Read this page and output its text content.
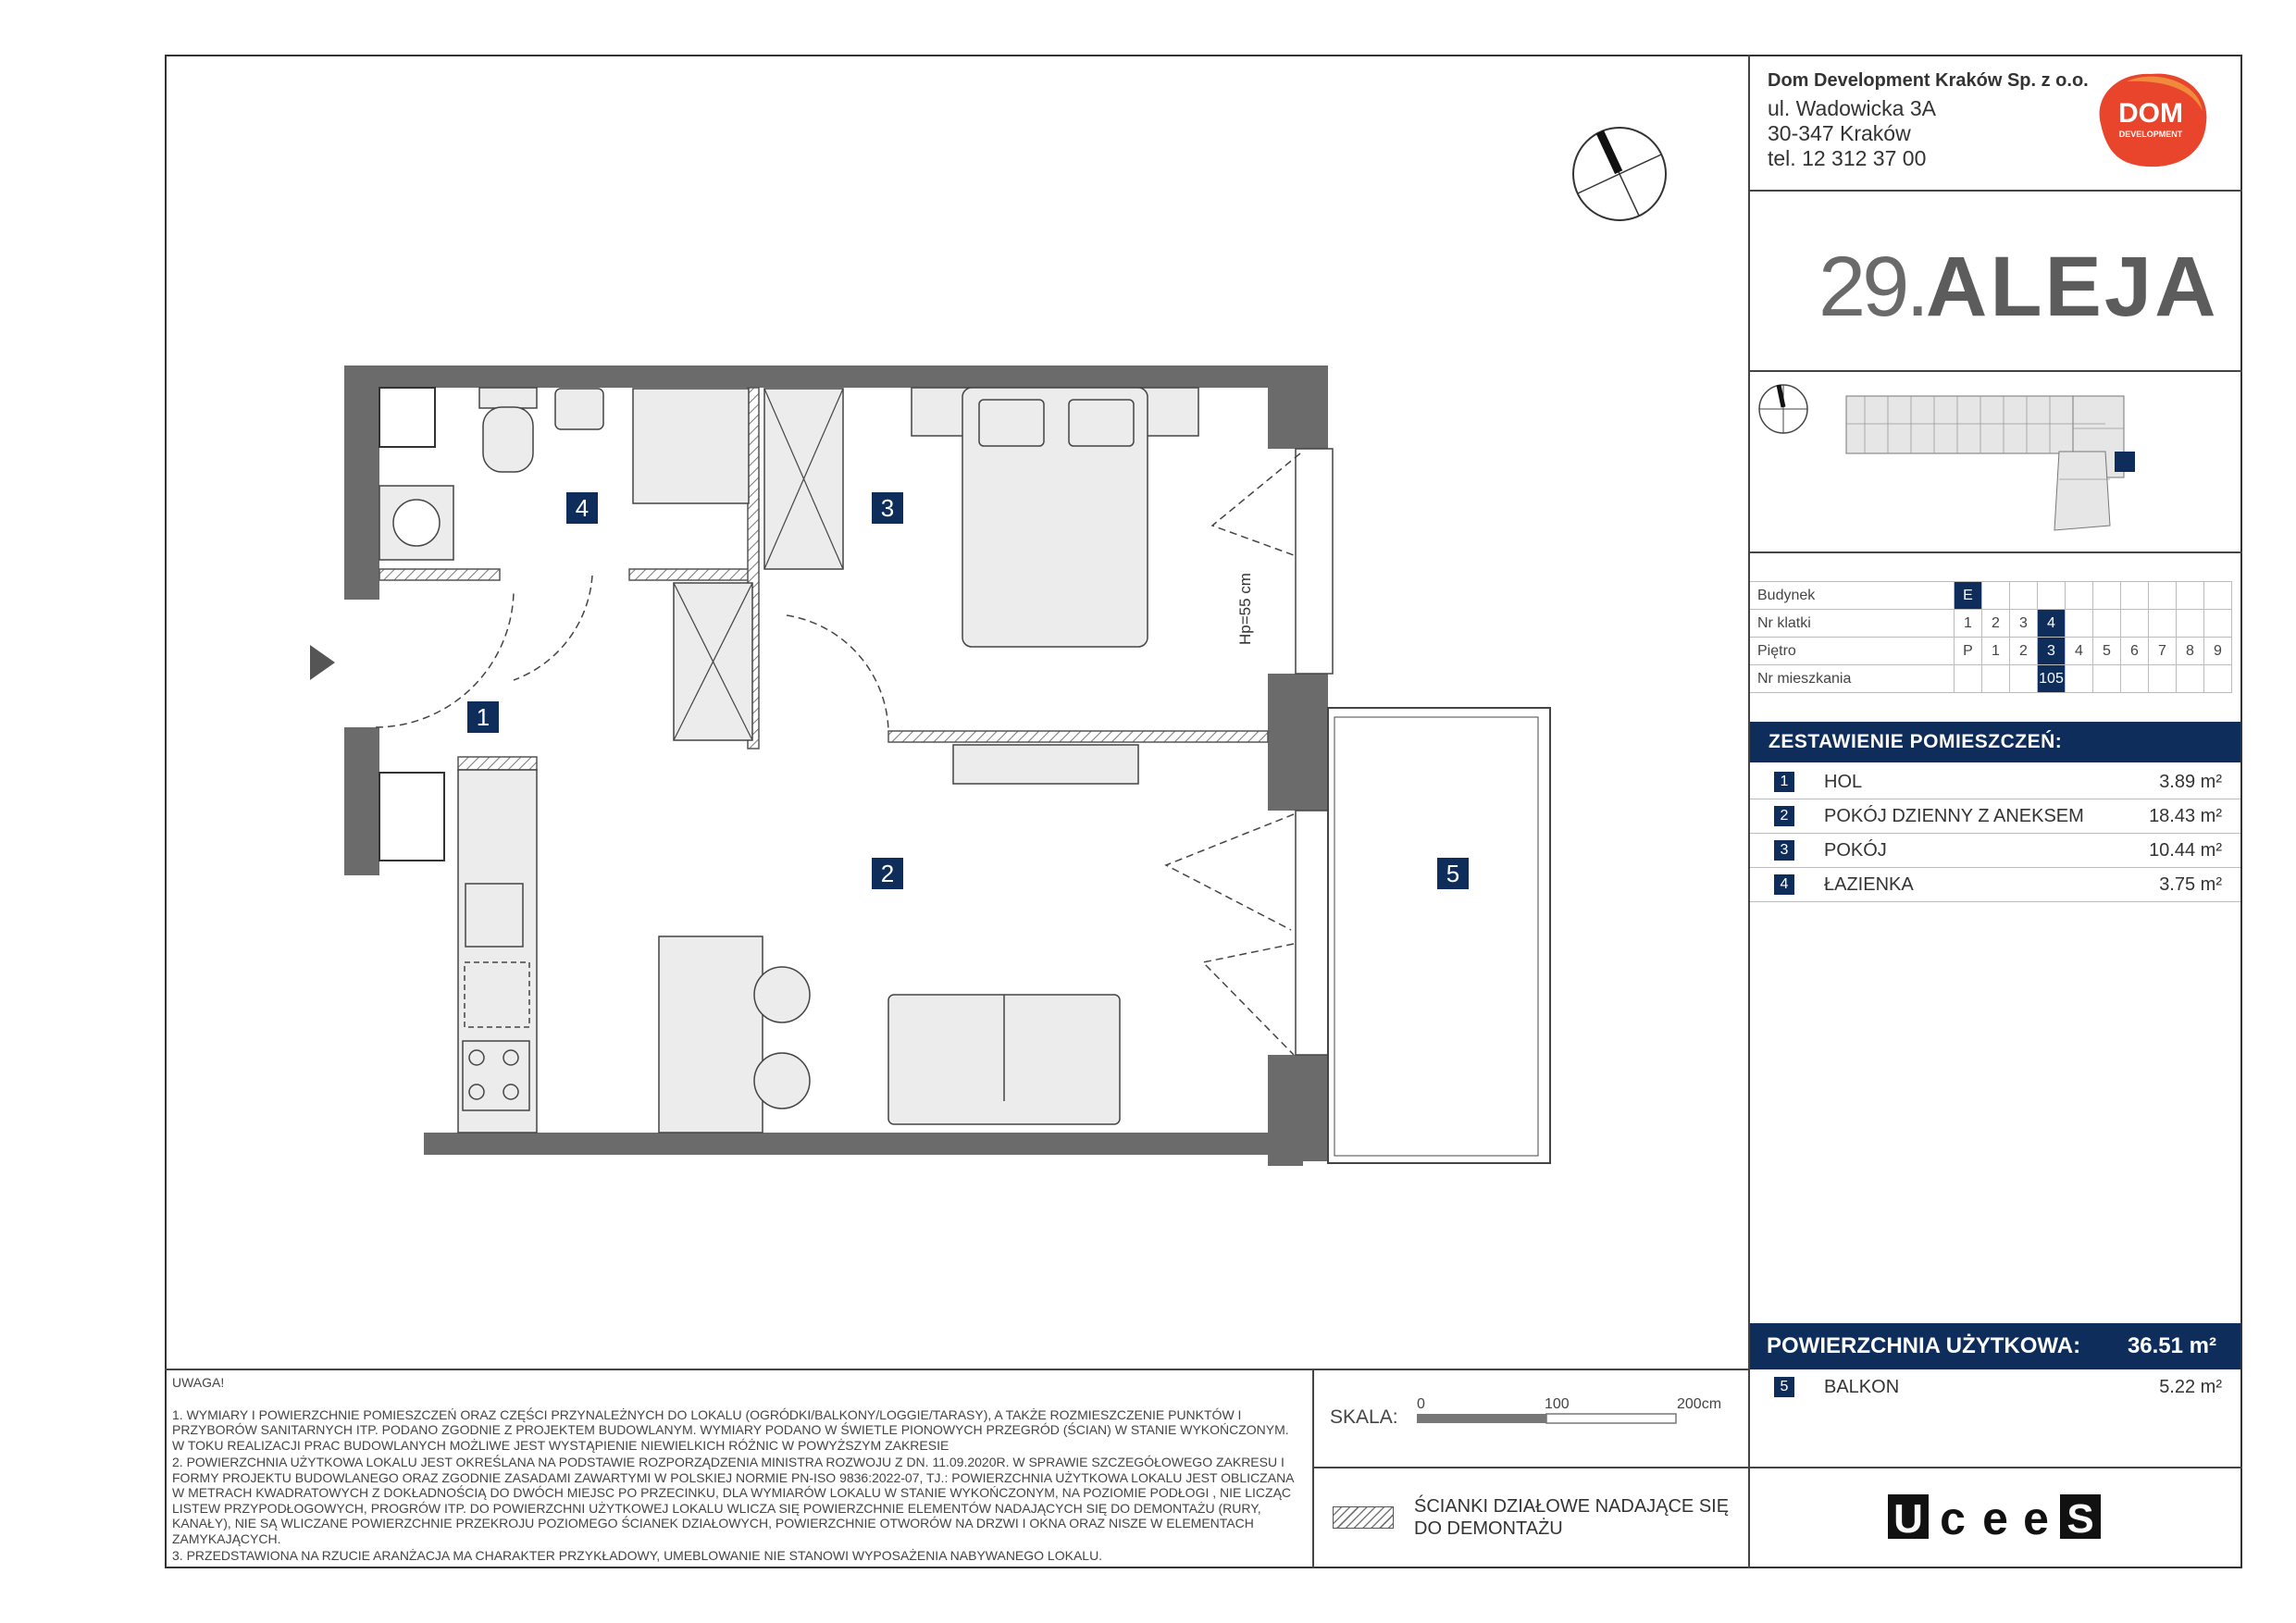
Dom Development Kraków Sp. z o.o.
ul. Wadowicka 3A
30-347 Kraków
tel. 12 312 37 00
DOM
DEVELOPMENT
29.ALEJA
Budynek	E									
Nr klatki	1	2	3	4						
Piętro	P	1	2	3	4	5	6	7	8	9
Nr mieszkania				105						
ZESTAWIENIE POMIESZCZEŃ:
1	HOL	3.89 m²
2	POKÓJ DZIENNY Z ANEKSEM	18.43 m²
3	POKÓJ	10.44 m²
4	ŁAZIENKA	3.75 m²
POWIERZCHNIA UŻYTKOWA: 36.51 m²
5	BALKON	5.22 m²

UWAGA!

1. WYMIARY I POWIERZCHNIE POMIESZCZEŃ ORAZ CZĘŚCI PRZYNALEŻNYCH DO LOKALU (OGRÓDKI/BALKONY/LOGGIE/TARASY), A TAKŻE ROZMIESZCZENIE PUNKTÓW I PRZYBORÓW SANITARNYCH ITP. PODANO ZGODNIE Z PROJEKTEM BUDOWLANYM. WYMIARY PODANO W ŚWIETLE PIONOWYCH PRZEGRÓD (ŚCIAN) W STANIE WYKOŃCZONYM. W TOKU REALIZACJI PRAC BUDOWLANYCH MOŻLIWE JEST WYSTĄPIENIE NIEWIELKICH RÓŻNIC W POWYŻSZYM ZAKRESIE

2. POWIERZCHNIA UŻYTKOWA LOKALU JEST OKREŚLANA NA PODSTAWIE ROZPORZĄDZENIA MINISTRA ROZWOJU Z DN. 11.09.2020R. W SPRAWIE SZCZEGÓŁOWEGO ZAKRESU I FORMY PROJEKTU BUDOWLANEGO ORAZ ZGODNIE ZASADAMI ZAWARTYMI W POLSKIEJ NORMIE PN-ISO 9836:2022-07, TJ.: POWIERZCHNIA UŻYTKOWA LOKALU JEST OBLICZANA W METRACH KWADRATOWYCH Z DOKŁADNOŚCIĄ DO DWÓCH MIEJSC PO PRZECINKU, DLA WYMIARÓW LOKALU W STANIE WYKOŃCZONYM, NA POZIOMIE PODŁOGI , NIE LICZĄC LISTEW PRZYPODŁOGOWYCH, PROGRÓW ITP. DO POWIERZCHNI UŻYTKOWEJ LOKALU WLICZA SIĘ POWIERZCHNIE ELEMENTÓW NADAJĄCYCH SIĘ DO DEMONTAŻU (RURY, KANAŁY), NIE SĄ WLICZANE POWIERZCHNIE PRZEKROJU POZIOMEGO ŚCIANEK DZIAŁOWYCH, POWIERZCHNIE OTWORÓW NA DRZWI I OKNA ORAZ NISZE W ELEMENTACH ZAMYKAJĄCYCH.

3. PRZEDSTAWIONA NA RZUCIE ARANŻACJA MA CHARAKTER PRZYKŁADOWY, UMEBLOWANIE NIE STANOWI WYPOSAŻENIA NABYWANEGO LOKALU.

SKALA:
0	100	200cm
ŚCIANKI DZIAŁOWE NADAJĄCE SIĘ DO DEMONTAŻU	U c e e S
Hp=55 cm
1
2
3
4
5
